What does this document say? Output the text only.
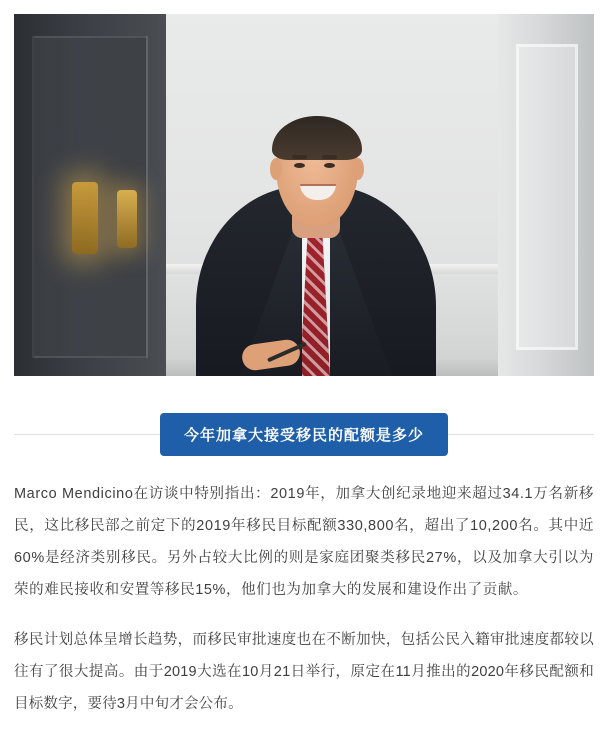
今年加拿大接受移民的配额是多少

Marco Mendicino在访谈中特别指出：2019年，加拿大创纪录地迎来超过34.1万名新移民，这比移民部之前定下的2019年移民目标配额330,800名，超出了10,200名。其中近60%是经济类别移民。另外占较大比例的则是家庭团聚类移民27%，以及加拿大引以为荣的难民接收和安置等移民15%，他们也为加拿大的发展和建设作出了贡献。

移民计划总体呈增长趋势，而移民审批速度也在不断加快，包括公民入籍审批速度都较以往有了很大提高。由于2019大选在10月21日举行，原定在11月推出的2020年移民配额和目标数字，要待3月中旬才会公布。
